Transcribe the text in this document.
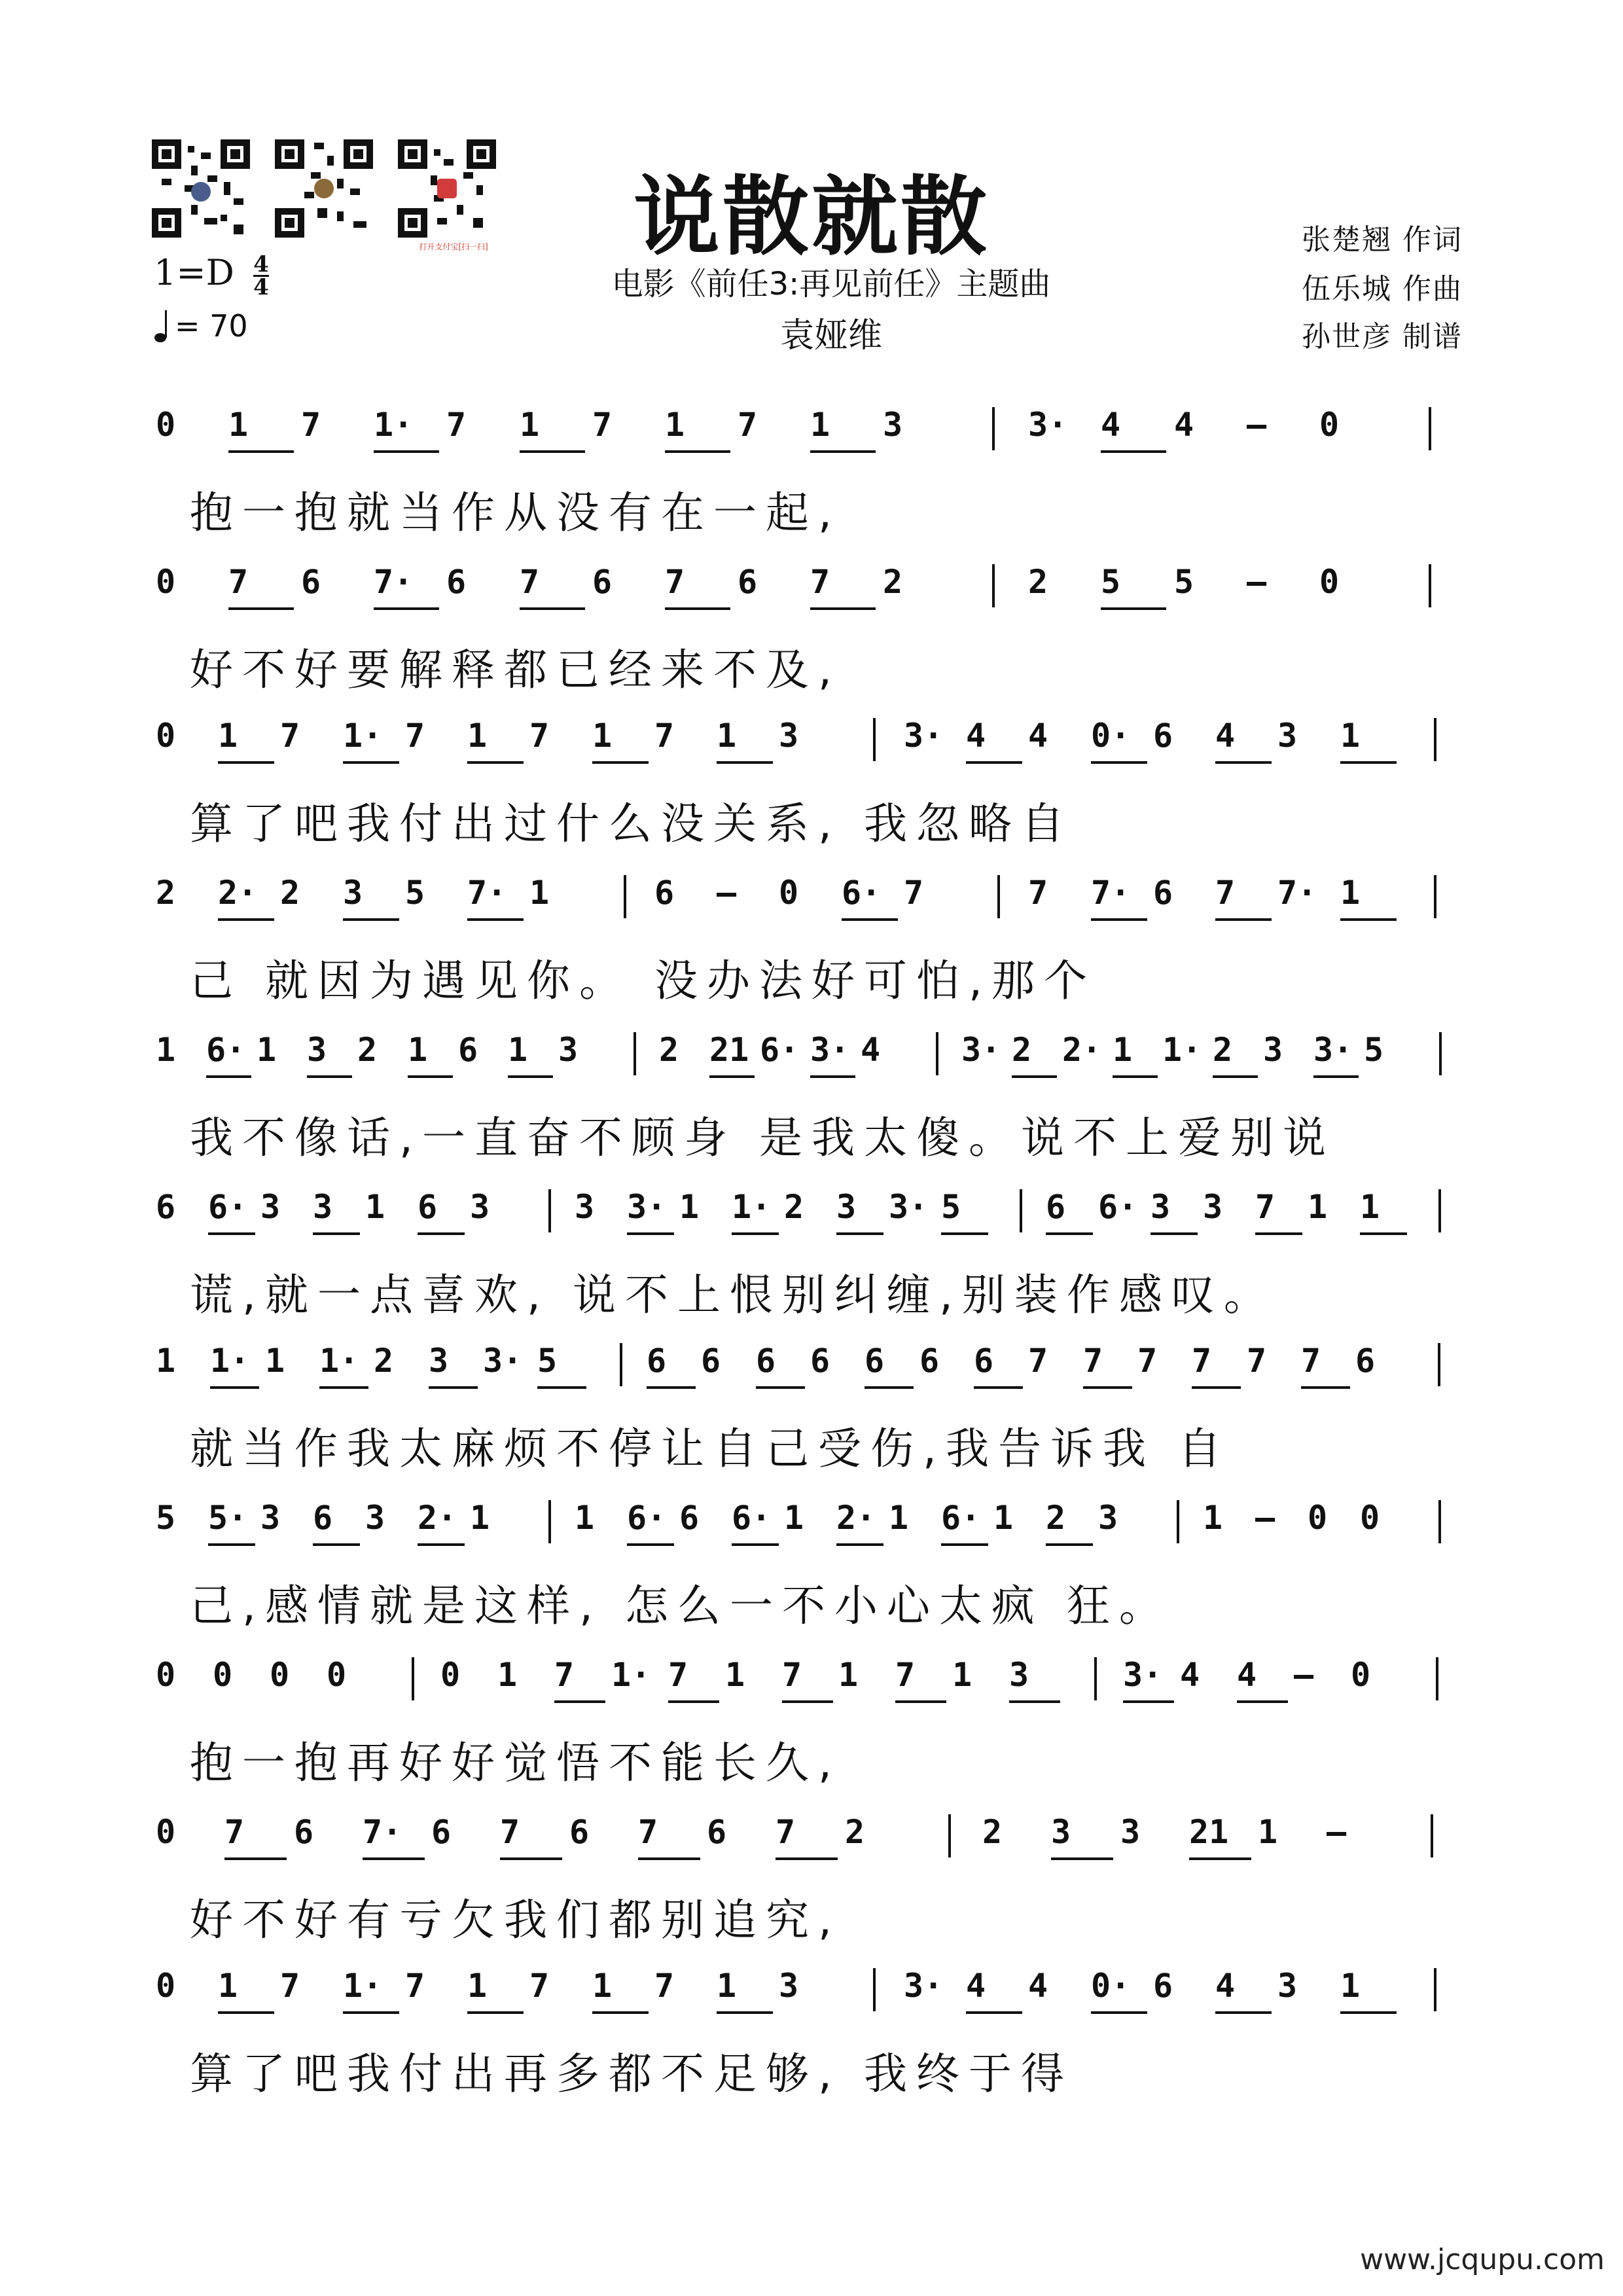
打开支付宝[扫一扫]	说散就散
电影《前任3:再见前任》主题曲
袁娅维
$1=D \frac{4}{4}$
= 70
张楚翘 作词
伍乐城 作曲
孙世彦 制谱
0 1 7 1· 7 1 7 1 7 1 3	3· 4 4 – 0
抱一抱就当作从没有在一起,
0 7 6 7· 6 7 6 7 6 7 2	2 5 5 – 0
好不好要解释都已经来不及,
0 1 7 1· 7 1 7 1 7 1 3	3· 4 4 0· 6 4 3 1
算了吧我付出过什么没关系, 我忽略自
2 2· 2 3 5 7· 1	6 – 0 6· 7	7 7· 6 7 7· 1
己 就因为遇见你。 没办法好可怕,那个
1 6· 1 3 2 1 6 1 3 2 21 6· 3· 4 3· 2 2· 1 1· 2 3 3· 5
我不像话,一直奋不顾身 是我太傻。说不上爱别说
6 6· 3 3 1 6 3	3 3· 1 1· 2 3 3· 5	6 6· 3 3 7 1 1
谎,就一点喜欢, 说不上恨别纠缠,别装作感叹。
1 1· 1 1· 2 3 3· 5	6 6 6 6 6 6 6 7 7 7 7 7 7 6
就当作我太麻烦不停让自己受伤,我告诉我 自
5 5· 3 6 3 2· 1	1 6· 6 6· 1 2· 1 6· 1 2 3	1 – 0 0
己,感情就是这样, 怎么一不小心太疯 狂。
0 0 0 0	0 1 7 1· 7 1 7 1 7 1 3	3· 4 4 – 0
抱一抱再好好觉悟不能长久,
0 7 6 7· 6 7 6 7 6 7 2	2 3 3 21 1 –
好不好有亏欠我们都别追究,
0 1 7 1· 7 1 7 1 7 1 3	3· 4 4 0· 6 4 3 1
算了吧我付出再多都不足够, 我终于得
www.jcqupu.com
